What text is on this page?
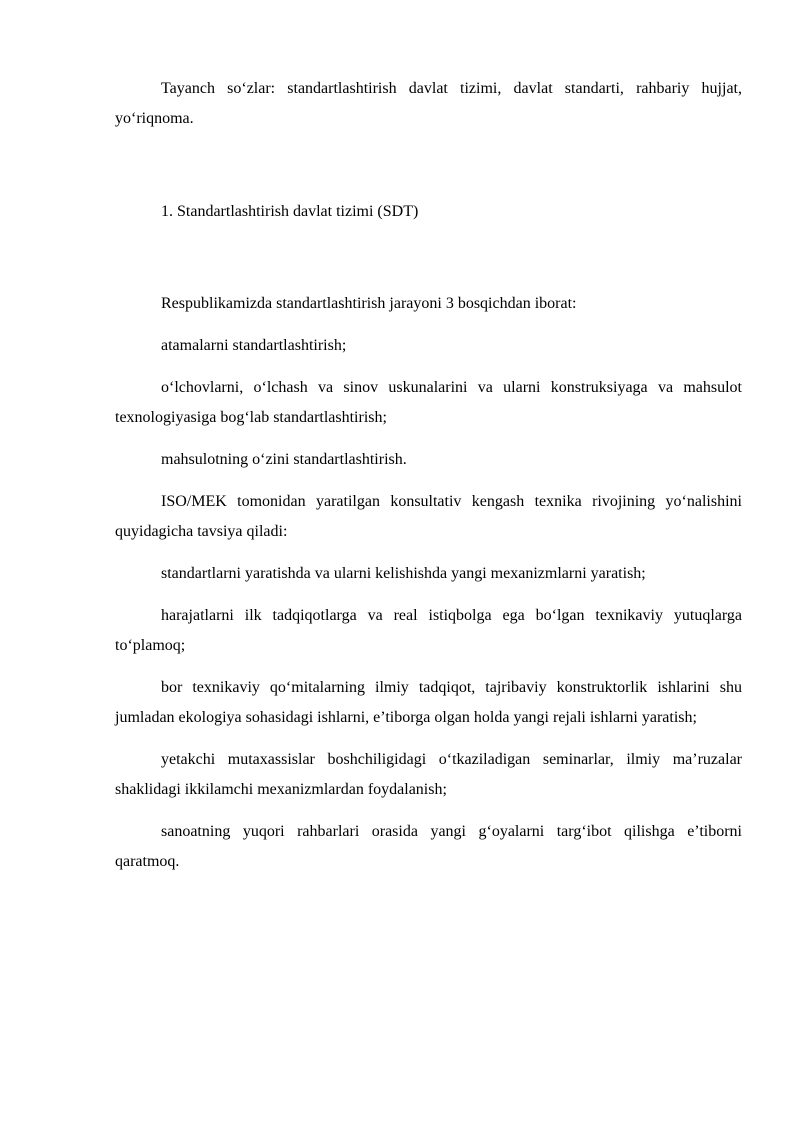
Tayanch so‘zlar: standartlashtirish davlat tizimi, davlat standarti, rahbariy hujjat, yo‘riqnoma.

1. Standartlashtirish davlat tizimi (SDT)

Respublikamizda standartlashtirish jarayoni 3 bosqichdan iborat:

atamalarni standartlashtirish;

o‘lchovlarni, o‘lchash va sinov uskunalarini va ularni konstruksiyaga va mahsulot texnologiyasiga bog‘lab standartlashtirish;

mahsulotning o‘zini standartlashtirish.

ISO/MEK tomonidan yaratilgan konsultativ kengash texnika rivojining yo‘nalishini quyidagicha tavsiya qiladi:

standartlarni yaratishda va ularni kelishishda yangi mexanizmlarni yaratish;

harajatlarni ilk tadqiqotlarga va real istiqbolga ega bo‘lgan texnikaviy yutuqlarga to‘plamoq;

bor texnikaviy qo‘mitalarning ilmiy tadqiqot, tajribaviy konstruktorlik ishlarini shu jumladan ekologiya sohasidagi ishlarni, e’tiborga olgan holda yangi rejali ishlarni yaratish;

yetakchi mutaxassislar boshchiligidagi o‘tkaziladigan seminarlar, ilmiy ma’ruzalar shaklidagi ikkilamchi mexanizmlardan foydalanish;

sanoatning yuqori rahbarlari orasida yangi g‘oyalarni targ‘ibot qilishga e’tiborni qaratmoq.
